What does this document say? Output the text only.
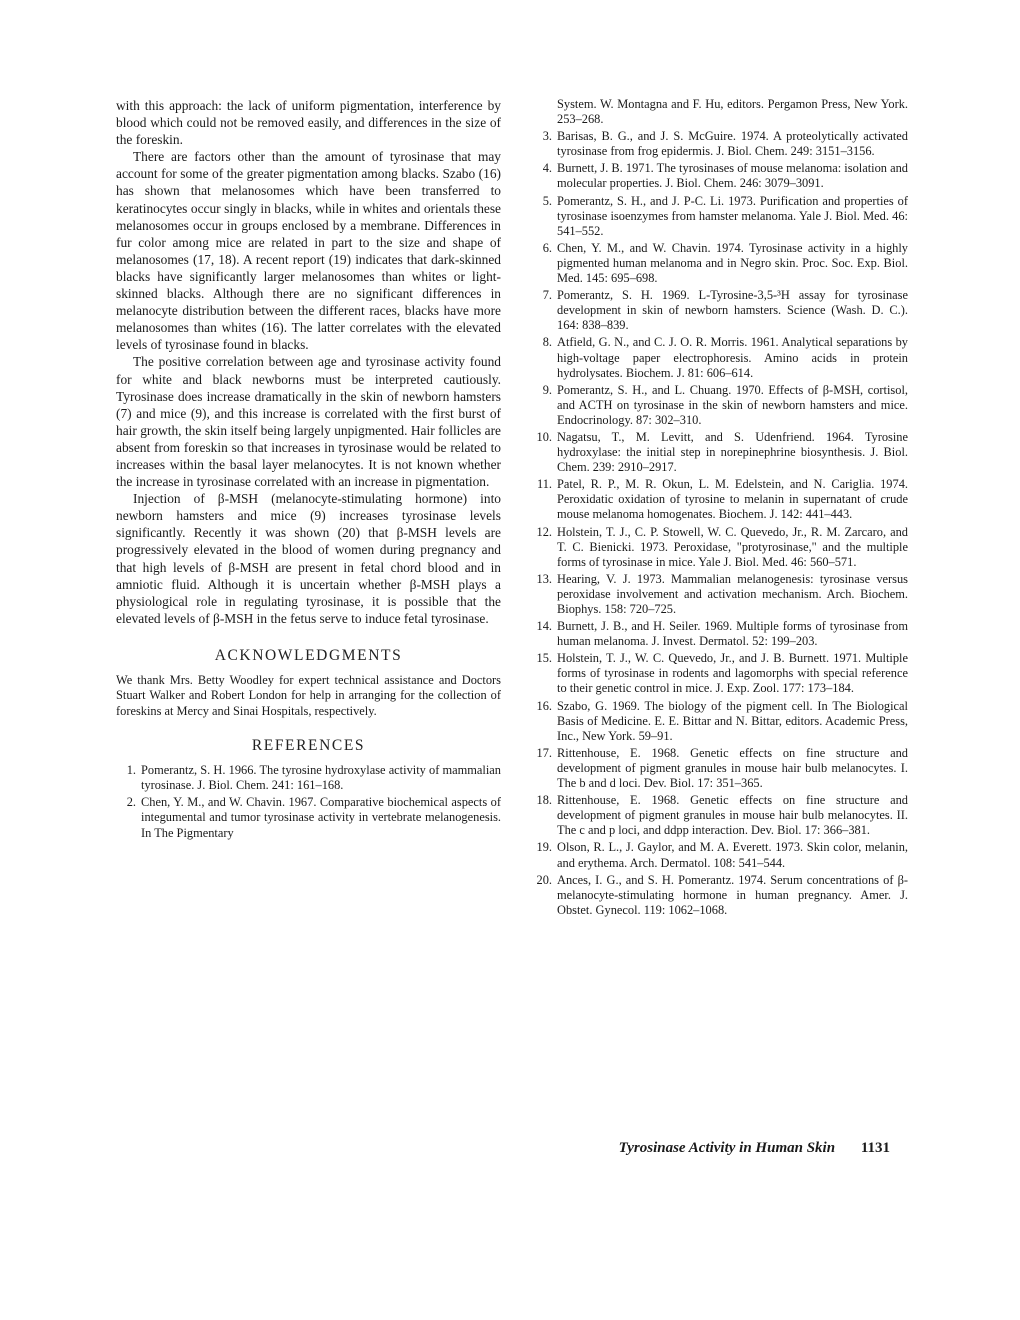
with this approach: the lack of uniform pigmentation, interference by blood which could not be removed easily, and differences in the size of the foreskin.

There are factors other than the amount of tyrosinase that may account for some of the greater pigmentation among blacks. Szabo (16) has shown that melanosomes which have been transferred to keratinocytes occur singly in blacks, while in whites and orientals these melanosomes occur in groups enclosed by a membrane. Differences in fur color among mice are related in part to the size and shape of melanosomes (17, 18). A recent report (19) indicates that dark-skinned blacks have significantly larger melanosomes than whites or light-skinned blacks. Although there are no significant differences in melanocyte distribution between the different races, blacks have more melanosomes than whites (16). The latter correlates with the elevated levels of tyrosinase found in blacks.

The positive correlation between age and tyrosinase activity found for white and black newborns must be interpreted cautiously. Tyrosinase does increase dramatically in the skin of newborn hamsters (7) and mice (9), and this increase is correlated with the first burst of hair growth, the skin itself being largely unpigmented. Hair follicles are absent from foreskin so that increases in tyrosinase would be related to increases within the basal layer melanocytes. It is not known whether the increase in tyrosinase correlated with an increase in pigmentation.

Injection of β-MSH (melanocyte-stimulating hormone) into newborn hamsters and mice (9) increases tyrosinase levels significantly. Recently it was shown (20) that β-MSH levels are progressively elevated in the blood of women during pregnancy and that high levels of β-MSH are present in fetal chord blood and in amniotic fluid. Although it is uncertain whether β-MSH plays a physiological role in regulating tyrosinase, it is possible that the elevated levels of β-MSH in the fetus serve to induce fetal tyrosinase.

ACKNOWLEDGMENTS

We thank Mrs. Betty Woodley for expert technical assistance and Doctors Stuart Walker and Robert London for help in arranging for the collection of foreskins at Mercy and Sinai Hospitals, respectively.

REFERENCES
1. Pomerantz, S. H. 1966. The tyrosine hydroxylase activity of mammalian tyrosinase. J. Biol. Chem. 241: 161–168.
2. Chen, Y. M., and W. Chavin. 1967. Comparative biochemical aspects of integumental and tumor tyrosinase activity in vertebrate melanogenesis. In The Pigmentary
System. W. Montagna and F. Hu, editors. Pergamon Press, New York. 253–268.
3. Barisas, B. G., and J. S. McGuire. 1974. A proteolytically activated tyrosinase from frog epidermis. J. Biol. Chem. 249: 3151–3156.
4. Burnett, J. B. 1971. The tyrosinases of mouse melanoma: isolation and molecular properties. J. Biol. Chem. 246: 3079–3091.
5. Pomerantz, S. H., and J. P-C. Li. 1973. Purification and properties of tyrosinase isoenzymes from hamster melanoma. Yale J. Biol. Med. 46: 541–552.
6. Chen, Y. M., and W. Chavin. 1974. Tyrosinase activity in a highly pigmented human melanoma and in Negro skin. Proc. Soc. Exp. Biol. Med. 145: 695–698.
7. Pomerantz, S. H. 1969. L-Tyrosine-3,5-³H assay for tyrosinase development in skin of newborn hamsters. Science (Wash. D. C.). 164: 838–839.
8. Atfield, G. N., and C. J. O. R. Morris. 1961. Analytical separations by high-voltage paper electrophoresis. Amino acids in protein hydrolysates. Biochem. J. 81: 606–614.
9. Pomerantz, S. H., and L. Chuang. 1970. Effects of β-MSH, cortisol, and ACTH on tyrosinase in the skin of newborn hamsters and mice. Endocrinology. 87: 302–310.
10. Nagatsu, T., M. Levitt, and S. Udenfriend. 1964. Tyrosine hydroxylase: the initial step in norepinephrine biosynthesis. J. Biol. Chem. 239: 2910–2917.
11. Patel, R. P., M. R. Okun, L. M. Edelstein, and N. Cariglia. 1974. Peroxidatic oxidation of tyrosine to melanin in supernatant of crude mouse melanoma homogenates. Biochem. J. 142: 441–443.
12. Holstein, T. J., C. P. Stowell, W. C. Quevedo, Jr., R. M. Zarcaro, and T. C. Bienicki. 1973. Peroxidase, "protyrosinase," and the multiple forms of tyrosinase in mice. Yale J. Biol. Med. 46: 560–571.
13. Hearing, V. J. 1973. Mammalian melanogenesis: tyrosinase versus peroxidase involvement and activation mechanism. Arch. Biochem. Biophys. 158: 720–725.
14. Burnett, J. B., and H. Seiler. 1969. Multiple forms of tyrosinase from human melanoma. J. Invest. Dermatol. 52: 199–203.
15. Holstein, T. J., W. C. Quevedo, Jr., and J. B. Burnett. 1971. Multiple forms of tyrosinase in rodents and lagomorphs with special reference to their genetic control in mice. J. Exp. Zool. 177: 173–184.
16. Szabo, G. 1969. The biology of the pigment cell. In The Biological Basis of Medicine. E. E. Bittar and N. Bittar, editors. Academic Press, Inc., New York. 59–91.
17. Rittenhouse, E. 1968. Genetic effects on fine structure and development of pigment granules in mouse hair bulb melanocytes. I. The b and d loci. Dev. Biol. 17: 351–365.
18. Rittenhouse, E. 1968. Genetic effects on fine structure and development of pigment granules in mouse hair bulb melanocytes. II. The c and p loci, and ddpp interaction. Dev. Biol. 17: 366–381.
19. Olson, R. L., J. Gaylor, and M. A. Everett. 1973. Skin color, melanin, and erythema. Arch. Dermatol. 108: 541–544.
20. Ances, I. G., and S. H. Pomerantz. 1974. Serum concentrations of β-melanocyte-stimulating hormone in human pregnancy. Amer. J. Obstet. Gynecol. 119: 1062–1068.
Tyrosinase Activity in Human Skin 1131
